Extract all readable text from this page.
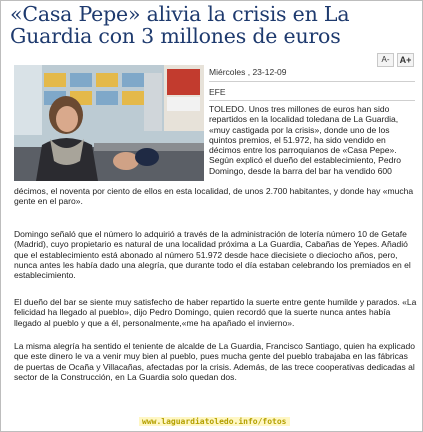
«Casa Pepe» alivia la crisis en La Guardia con 3 millones de euros
A-	A+
Miércoles , 23-12-09
EFE
TOLEDO. Unos tres millones de euros han sido repartidos en la localidad toledana de La Guardia, «muy castigada por la crisis», donde uno de los quintos premios, el 51.972, ha sido vendido en décimos entre los parroquianos de «Casa Pepe». Según explicó el dueño del establecimiento, Pedro Domingo, desde la barra del bar ha vendido 600
décimos, el noventa por ciento de ellos en esta localidad, de unos 2.700 habitantes, y donde hay «mucha gente en el paro».
Domingo señaló que el número lo adquirió a través de la administración de lotería número 10 de Getafe (Madrid), cuyo propietario es natural de una localidad próxima a La Guardia, Cabañas de Yepes. Añadió que el establecimiento está abonado al número 51.972 desde hace diecisiete o dieciocho años, pero, nunca antes les había dado una alegría, que durante todo el día estaban celebrando los premiados en el establecimiento.
El dueño del bar se siente muy satisfecho de haber repartido la suerte entre gente humilde y parados. «La felicidad ha llegado al pueblo», dijo Pedro Domingo, quien recordó que la suerte nunca antes había llegado al pueblo y que a él, personalmente,«me ha apañado el invierno».
La misma alegría ha sentido el teniente de alcalde de La Guardia, Francisco Santiago, quien ha explicado que este dinero le va a venir muy bien al pueblo, pues mucha gente del pueblo trabajaba en las fábricas de puertas de Ocaña y Villacañas, afectadas por la crisis. Además, de las trece cooperativas dedicadas al sector de la Construcción, en La Guardia solo quedan dos.
www.laguardiatoledo.info/fotos
